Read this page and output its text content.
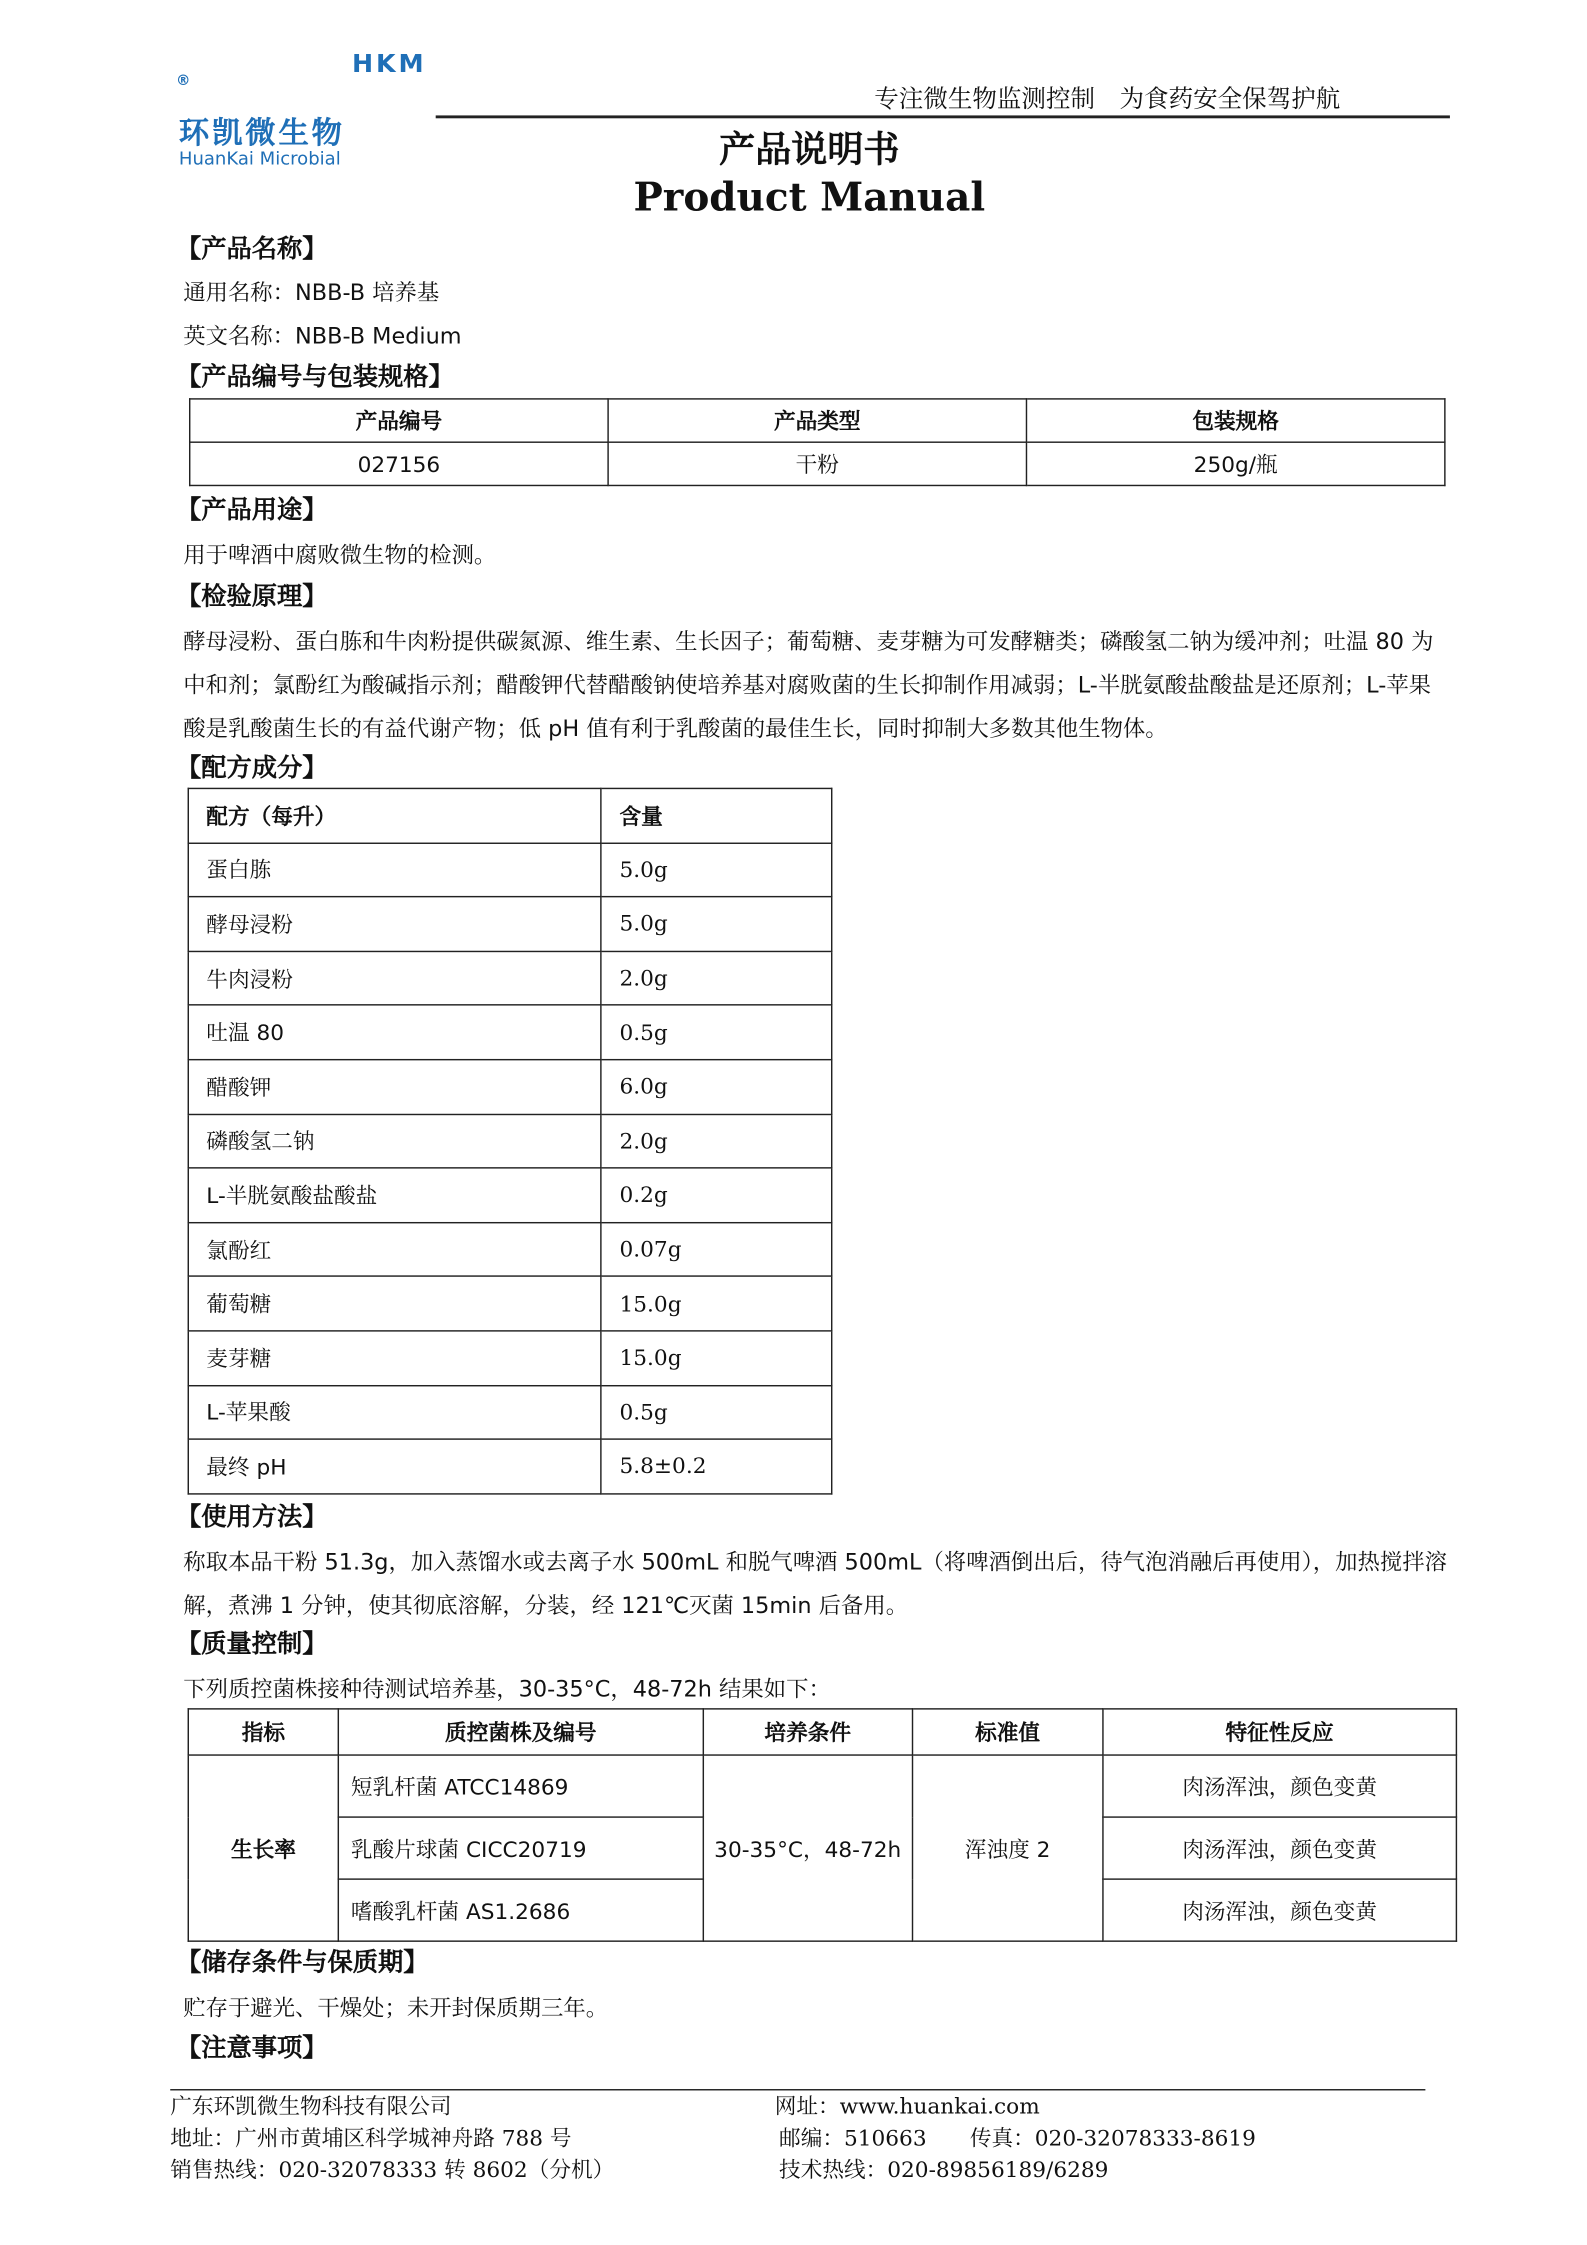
HKM
®
环凯微生物
HuanKai Microbial
专注微生物监测控制　为食药安全保驾护航
产品说明书
Product Manual
【产品名称】
通用名称：NBB-B 培养基
英文名称：NBB-B Medium
【产品编号与包装规格】
产品编号	产品类型	包装规格
027156	干粉	250g/瓶
【产品用途】
用于啤酒中腐败微生物的检测。
【检验原理】
酵母浸粉、蛋白胨和牛肉粉提供碳氮源、维生素、生长因子；葡萄糖、麦芽糖为可发酵糖类；磷酸氢二钠为缓冲剂；吐温 80 为中和剂；氯酚红为酸碱指示剂；醋酸钾代替醋酸钠使培养基对腐败菌的生长抑制作用减弱；L-半胱氨酸盐酸盐是还原剂；L-苹果酸是乳酸菌生长的有益代谢产物；低 pH 值有利于乳酸菌的最佳生长，同时抑制大多数其他生物体。
【配方成分】
配方（每升）	含量
蛋白胨	5.0g
酵母浸粉	5.0g
牛肉浸粉	2.0g
吐温 80	0.5g
醋酸钾	6.0g
磷酸氢二钠	2.0g
L-半胱氨酸盐酸盐	0.2g
氯酚红	0.07g
葡萄糖	15.0g
麦芽糖	15.0g
L-苹果酸	0.5g
最终 pH	5.8±0.2
【使用方法】
称取本品干粉 51.3g，加入蒸馏水或去离子水 500mL 和脱气啤酒 500mL（将啤酒倒出后，待气泡消融后再使用），加热搅拌溶解，煮沸 1 分钟，使其彻底溶解，分装，经 121℃灭菌 15min 后备用。
【质量控制】
下列质控菌株接种待测试培养基，30-35°C，48-72h 结果如下：
指标	质控菌株及编号	培养条件	标准值	特征性反应
生长率	短乳杆菌 ATCC14869	30-35°C，48-72h	浑浊度 2	肉汤浑浊，颜色变黄
	乳酸片球菌 CICC20719			肉汤浑浊，颜色变黄
	嗜酸乳杆菌 AS1.2686			肉汤浑浊，颜色变黄
【储存条件与保质期】
贮存于避光、干燥处；未开封保质期三年。
【注意事项】
广东环凯微生物科技有限公司
地址：广州市黄埔区科学城神舟路 788 号
销售热线：020-32078333 转 8602（分机）
网址：www.huankai.com
邮编：510663　　传真：020-32078333-8619
技术热线：020-89856189/6289
